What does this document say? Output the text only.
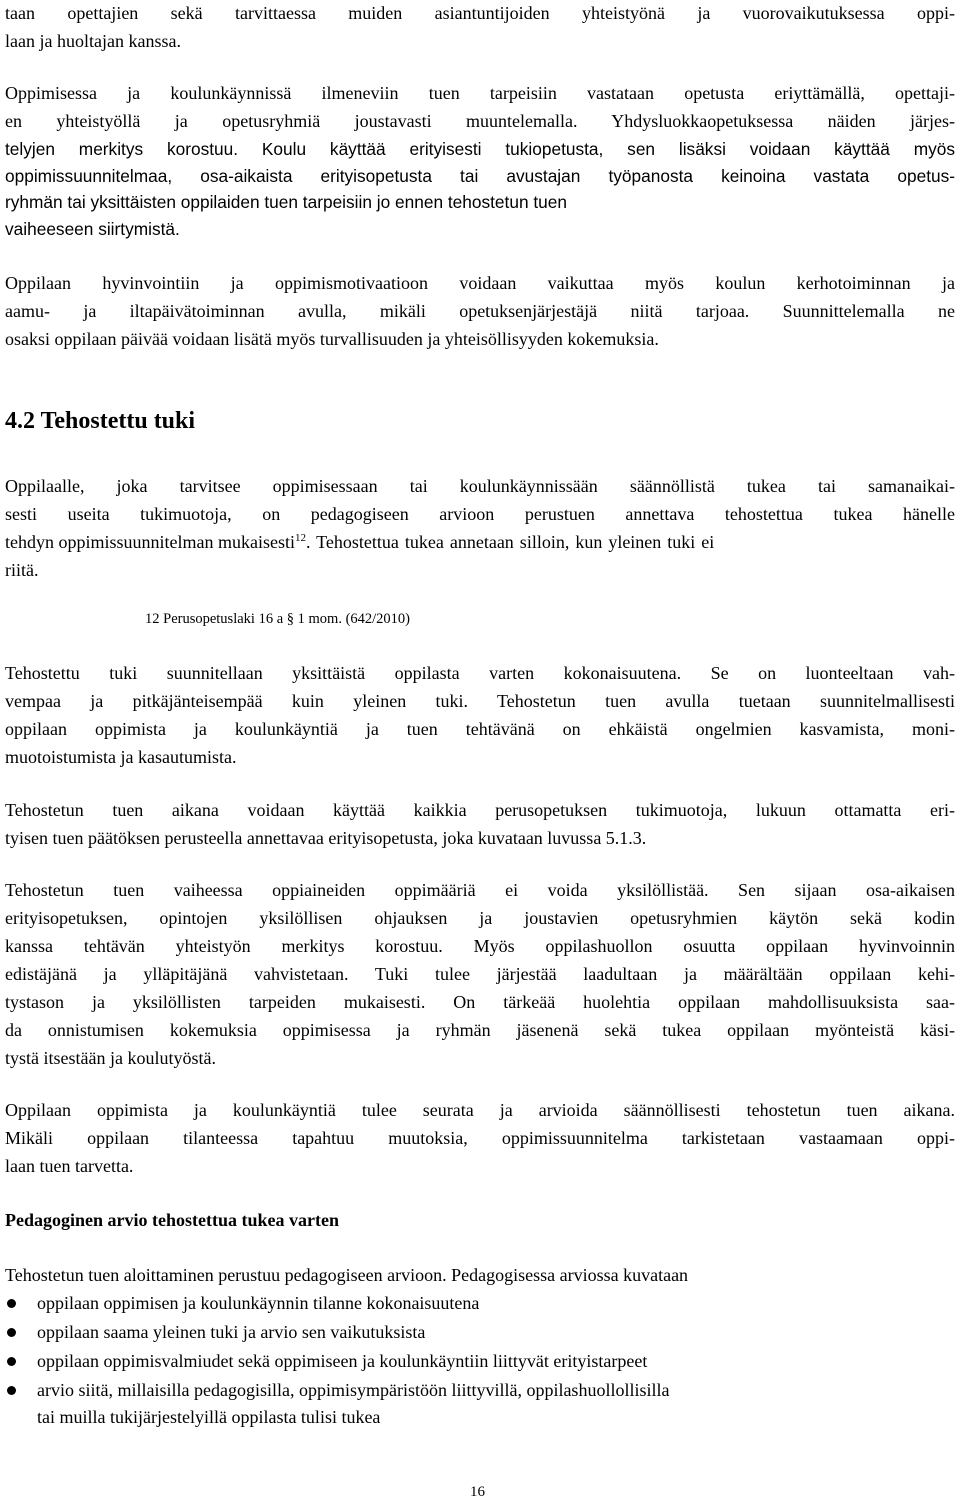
taan opettajien sekä tarvittaessa muiden asiantuntijoiden yhteistyönä ja vuorovaikutuksessa oppi-
laan ja huoltajan kanssa.
Oppimisessa ja koulunkäynnissä ilmeneviin tuen tarpeisiin vastataan opetusta eriyttämällä, opettaji-
en yhteistyöllä ja opetusryhmiä joustavasti muuntelemalla. Yhdysluokkaopetuksessa näiden järjes-
telyjen merkitys korostuu. Koulu käyttää erityisesti tukiopetusta, sen lisäksi voidaan käyttää myös
oppimissuunnitelmaa, osa-aikaista erityisopetusta tai avustajan työpanosta keinoina vastata opetus-
ryhmän tai yksittäisten oppilaiden tuen tarpeisiin jo ennen tehostetun tuen
vaiheeseen siirtymistä.
Oppilaan hyvinvointiin ja oppimismotivaatioon voidaan vaikuttaa myös koulun kerhotoiminnan ja
aamu- ja iltapäivätoiminnan avulla, mikäli opetuksenjärjestäjä niitä tarjoaa. Suunnittelemalla ne
osaksi oppilaan päivää voidaan lisätä myös turvallisuuden ja yhteisöllisyyden kokemuksia.
4.2 Tehostettu tuki
Oppilaalle, joka tarvitsee oppimisessaan tai koulunkäynnissään säännöllistä tukea tai samanaikai-
sesti useita tukimuotoja, on pedagogiseen arvioon perustuen annettava tehostettua tukea hänelle
tehdyn oppimissuunnitelman mukaisesti$^{12}$. Tehostettua tukea annetaan silloin, kun yleinen tuki ei
riitä.
12 Perusopetuslaki 16 a § 1 mom. (642/2010)
Tehostettu tuki suunnitellaan yksittäistä oppilasta varten kokonaisuutena. Se on luonteeltaan vah-
vempaa ja pitkäjänteisempää kuin yleinen tuki. Tehostetun tuen avulla tuetaan suunnitelmallisesti
oppilaan oppimista ja koulunkäyntiä ja tuen tehtävänä on ehkäistä ongelmien kasvamista, moni-
muotoistumista ja kasautumista.
Tehostetun tuen aikana voidaan käyttää kaikkia perusopetuksen tukimuotoja, lukuun ottamatta eri-
tyisen tuen päätöksen perusteella annettavaa erityisopetusta, joka kuvataan luvussa 5.1.3.
Tehostetun tuen vaiheessa oppiaineiden oppimääriä ei voida yksilöllistää. Sen sijaan osa-aikaisen
erityisopetuksen, opintojen yksilöllisen ohjauksen ja joustavien opetusryhmien käytön sekä kodin
kanssa tehtävän yhteistyön merkitys korostuu. Myös oppilashuollon osuutta oppilaan hyvinvoinnin
edistäjänä ja ylläpitäjänä vahvistetaan. Tuki tulee järjestää laadultaan ja määrältään oppilaan kehi-
tystason ja yksilöllisten tarpeiden mukaisesti. On tärkeää huolehtia oppilaan mahdollisuuksista saa-
da onnistumisen kokemuksia oppimisessa ja ryhmän jäsenenä sekä tukea oppilaan myönteistä käsi-
tystä itsestään ja koulutyöstä.
Oppilaan oppimista ja koulunkäyntiä tulee seurata ja arvioida säännöllisesti tehostetun tuen aikana.
Mikäli oppilaan tilanteessa tapahtuu muutoksia, oppimissuunnitelma tarkistetaan vastaamaan oppi-
laan tuen tarvetta.
Pedagoginen arvio tehostettua tukea varten
Tehostetun tuen aloittaminen perustuu pedagogiseen arvioon. Pedagogisessa arviossa kuvataan
oppilaan oppimisen ja koulunkäynnin tilanne kokonaisuutena
oppilaan saama yleinen tuki ja arvio sen vaikutuksista
oppilaan oppimisvalmiudet sekä oppimiseen ja koulunkäyntiin liittyvät erityistarpeet
arvio siitä, millaisilla pedagogisilla, oppimisympäristöön liittyvillä, oppilashuollollisilla
tai muilla tukijärjestelyillä oppilasta tulisi tukea
16
